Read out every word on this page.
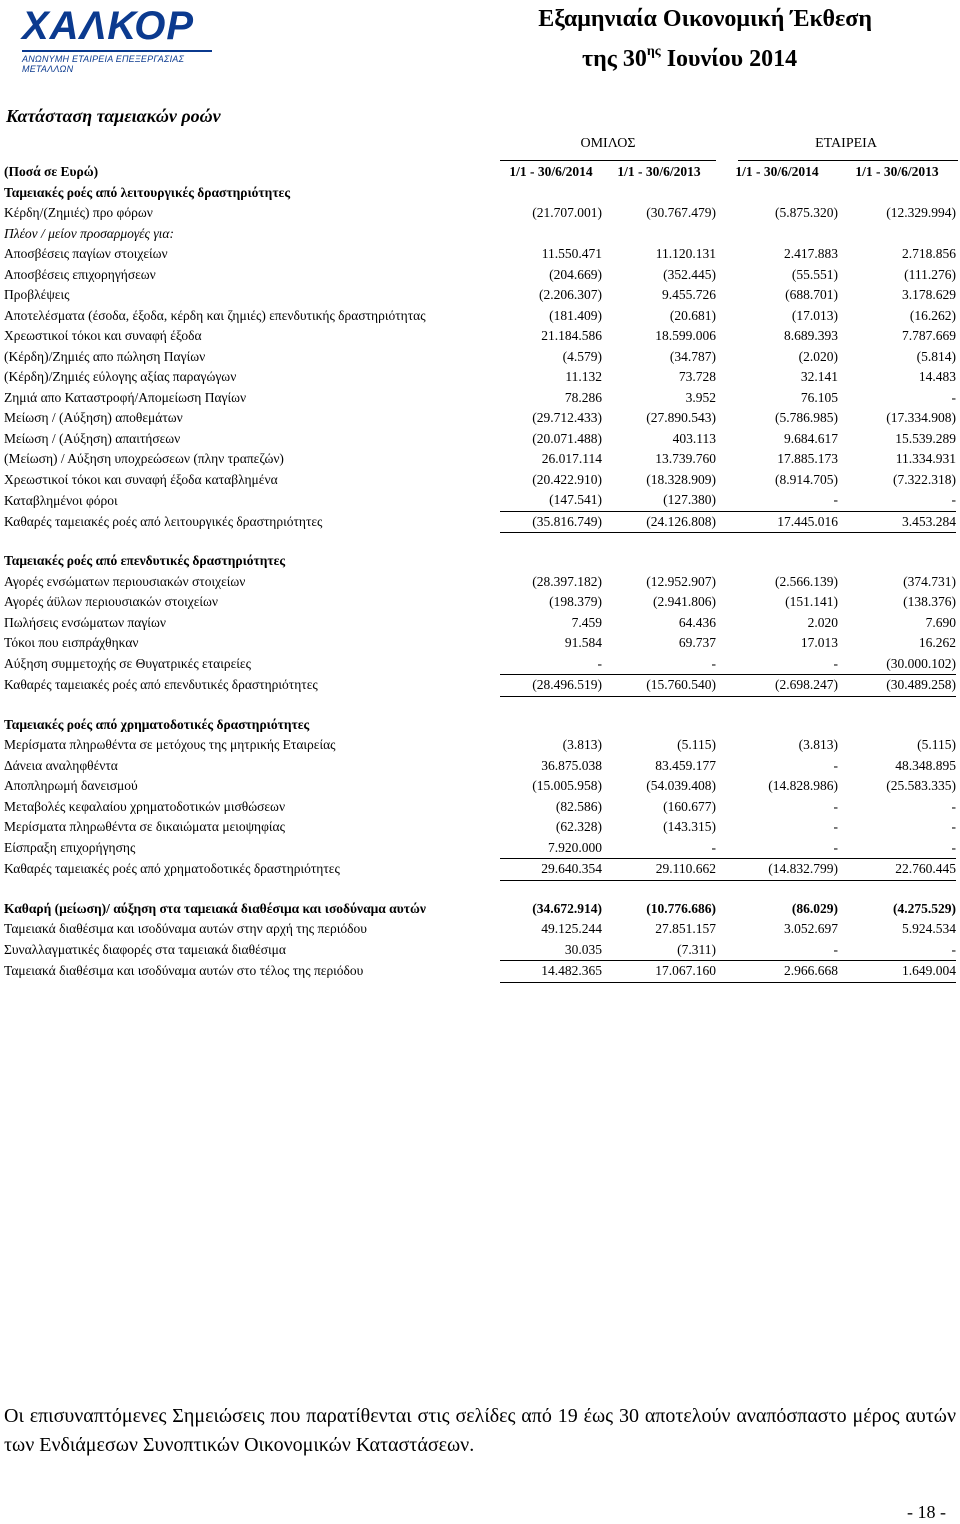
ΧΑΛΚΟΡ
ΑΝΩΝΥΜΗ ΕΤΑΙΡΕΙΑ ΕΠΕΞΕΡΓΑΣΙΑΣ ΜΕΤΑΛΛΩΝ
Εξαμηνιαία Οικονομική Έκθεση
της $30^{\eta\varsigma}$ Ιουνίου 2014
Κατάσταση ταμειακών ροών
ΟΜΙΛΟΣ	ΕΤΑΙΡΕΙΑ
(Ποσά σε Ευρώ)	1/1 - 30/6/2014	1/1 - 30/6/2013	1/1 - 30/6/2014	1/1 - 30/6/2013
Ταμειακές ροές από λειτουργικές δραστηριότητες				
Κέρδη/(Ζημιές) προ φόρων	(21.707.001)	(30.767.479)	(5.875.320)	(12.329.994)
Πλέον / μείον προσαρμογές για:				
Αποσβέσεις παγίων στοιχείων	11.550.471	11.120.131	2.417.883	2.718.856
Αποσβέσεις επιχορηγήσεων	(204.669)	(352.445)	(55.551)	(111.276)
Προβλέψεις	(2.206.307)	9.455.726	(688.701)	3.178.629
Αποτελέσματα (έσοδα, έξοδα, κέρδη και ζημιές) επενδυτικής δραστηριότητας	(181.409)	(20.681)	(17.013)	(16.262)
Χρεωστικοί τόκοι και συναφή έξοδα	21.184.586	18.599.006	8.689.393	7.787.669
(Κέρδη)/Ζημιές απο πώληση Παγίων	(4.579)	(34.787)	(2.020)	(5.814)
(Κέρδη)/Ζημιές εύλογης αξίας παραγώγων	11.132	73.728	32.141	14.483
Ζημιά απο Καταστροφή/Απομείωση Παγίων	78.286	3.952	76.105	-
Μείωση / (Αύξηση) αποθεμάτων	(29.712.433)	(27.890.543)	(5.786.985)	(17.334.908)
Μείωση / (Αύξηση) απαιτήσεων	(20.071.488)	403.113	9.684.617	15.539.289
(Μείωση) / Αύξηση υποχρεώσεων (πλην τραπεζών)	26.017.114	13.739.760	17.885.173	11.334.931
Χρεωστικοί τόκοι και συναφή έξοδα καταβλημένα	(20.422.910)	(18.328.909)	(8.914.705)	(7.322.318)
Καταβλημένοι φόροι	(147.541)	(127.380)	-	-
Καθαρές ταμειακές ροές από λειτουργικές δραστηριότητες	(35.816.749)	(24.126.808)	17.445.016	3.453.284

Ταμειακές ροές από επενδυτικές δραστηριότητες				
Αγορές ενσώματων περιουσιακών στοιχείων	(28.397.182)	(12.952.907)	(2.566.139)	(374.731)
Αγορές άϋλων περιουσιακών στοιχείων	(198.379)	(2.941.806)	(151.141)	(138.376)
Πωλήσεις ενσώματων παγίων	7.459	64.436	2.020	7.690
Τόκοι που εισπράχθηκαν	91.584	69.737	17.013	16.262
Αύξηση συμμετοχής σε Θυγατρικές εταιρείες	-	-	-	(30.000.102)
Καθαρές ταμειακές ροές από επενδυτικές δραστηριότητες	(28.496.519)	(15.760.540)	(2.698.247)	(30.489.258)

Ταμειακές ροές από χρηματοδοτικές δραστηριότητες				
Μερίσματα πληρωθέντα σε μετόχους της μητρικής Εταιρείας	(3.813)	(5.115)	(3.813)	(5.115)
Δάνεια αναληφθέντα	36.875.038	83.459.177	-	48.348.895
Αποπληρωμή δανεισμού	(15.005.958)	(54.039.408)	(14.828.986)	(25.583.335)
Μεταβολές κεφαλαίου χρηματοδοτικών μισθώσεων	(82.586)	(160.677)	-	-
Μερίσματα πληρωθέντα σε δικαιώματα μειοψηφίας	(62.328)	(143.315)	-	-
Είσπραξη επιχορήγησης	7.920.000	-	-	-
Καθαρές ταμειακές ροές από χρηματοδοτικές δραστηριότητες	29.640.354	29.110.662	(14.832.799)	22.760.445

Καθαρή (μείωση)/ αύξηση στα ταμειακά διαθέσιμα και ισοδύναμα αυτών	(34.672.914)	(10.776.686)	(86.029)	(4.275.529)
Ταμειακά διαθέσιμα και ισοδύναμα αυτών στην αρχή της περιόδου	49.125.244	27.851.157	3.052.697	5.924.534
Συναλλαγματικές διαφορές στα ταμειακά διαθέσιμα	30.035	(7.311)	-	-
Ταμειακά διαθέσιμα και ισοδύναμα αυτών στο τέλος της περιόδου	14.482.365	17.067.160	2.966.668	1.649.004
Οι επισυναπτόμενες Σημειώσεις που παρατίθενται στις σελίδες από 19 έως 30 αποτελούν αναπόσπαστο μέρος αυτών των Ενδιάμεσων Συνοπτικών Οικονομικών Καταστάσεων.
- 18 -
